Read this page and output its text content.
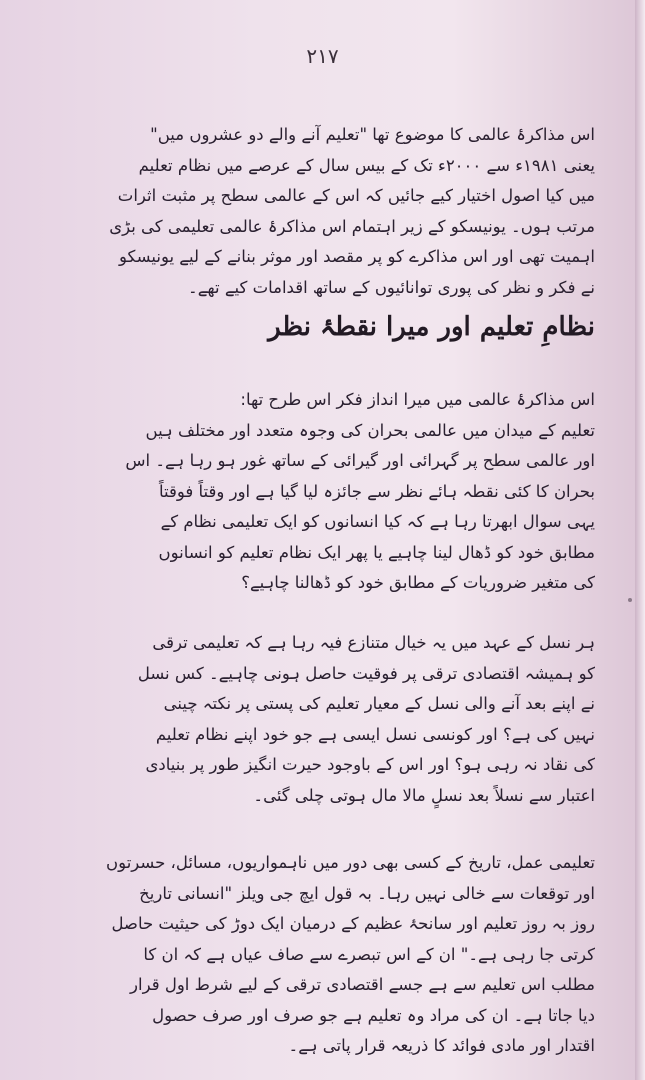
۲۱۷
اس مذاکرۂ عالمی کا موضوع تھا "تعلیم آنے والے دو عشروں میں"
یعنی ۱۹۸۱ء سے ۲۰۰۰ء تک کے بیس سال کے عرصے میں نظام تعلیم
میں کیا اصول اختیار کیے جائیں کہ اس کے عالمی سطح پر مثبت اثرات
مرتب ہوں۔ یونیسکو کے زیر اہتمام اس مذاکرۂ عالمی تعلیمی کی بڑی
اہمیت تھی اور اس مذاکرے کو پر مقصد اور موثر بنانے کے لیے یونیسکو
نے فکر و نظر کی پوری توانائیوں کے ساتھ اقدامات کیے تھے۔
نظامِ تعلیم اور میرا نقطۂ نظر
اس مذاکرۂ عالمی میں میرا انداز فکر اس طرح تھا:
تعلیم کے میدان میں عالمی بحران کی وجوہ متعدد اور مختلف ہیں
اور عالمی سطح پر گہرائی اور گیرائی کے ساتھ غور ہو رہا ہے۔ اس
بحران کا کئی نقطہ ہائے نظر سے جائزہ لیا گیا ہے اور وقتاً فوقتاً
یہی سوال ابھرتا رہا ہے کہ کیا انسانوں کو ایک تعلیمی نظام کے
مطابق خود کو ڈھال لینا چاہیے یا پھر ایک نظام تعلیم کو انسانوں
کی متغیر ضروریات کے مطابق خود کو ڈھالنا چاہیے؟
ہر نسل کے عہد میں یہ خیال متنازع فیہ رہا ہے کہ تعلیمی ترقی
کو ہمیشہ اقتصادی ترقی پر فوقیت حاصل ہونی چاہیے۔ کس نسل
نے اپنے بعد آنے والی نسل کے معیار تعلیم کی پستی پر نکتہ چینی
نہیں کی ہے؟ اور کونسی نسل ایسی ہے جو خود اپنے نظام تعلیم
کی نقاد نہ رہی ہو؟ اور اس کے باوجود حیرت انگیز طور پر بنیادی
اعتبار سے نسلاً بعد نسلٍ مالا مال ہوتی چلی گئی۔
تعلیمی عمل، تاریخ کے کسی بھی دور میں ناہمواریوں، مسائل، حسرتوں
اور توقعات سے خالی نہیں رہا۔ بہ قول ایچ جی ویلز "انسانی تاریخ
روز بہ روز تعلیم اور سانحۂ عظیم کے درمیان ایک دوڑ کی حیثیت حاصل
کرتی جا رہی ہے۔" ان کے اس تبصرے سے صاف عیاں ہے کہ ان کا
مطلب اس تعلیم سے ہے جسے اقتصادی ترقی کے لیے شرط اول قرار
دیا جاتا ہے۔ ان کی مراد وہ تعلیم ہے جو صرف اور صرف حصول
اقتدار اور مادی فوائد کا ذریعہ قرار پاتی ہے۔
